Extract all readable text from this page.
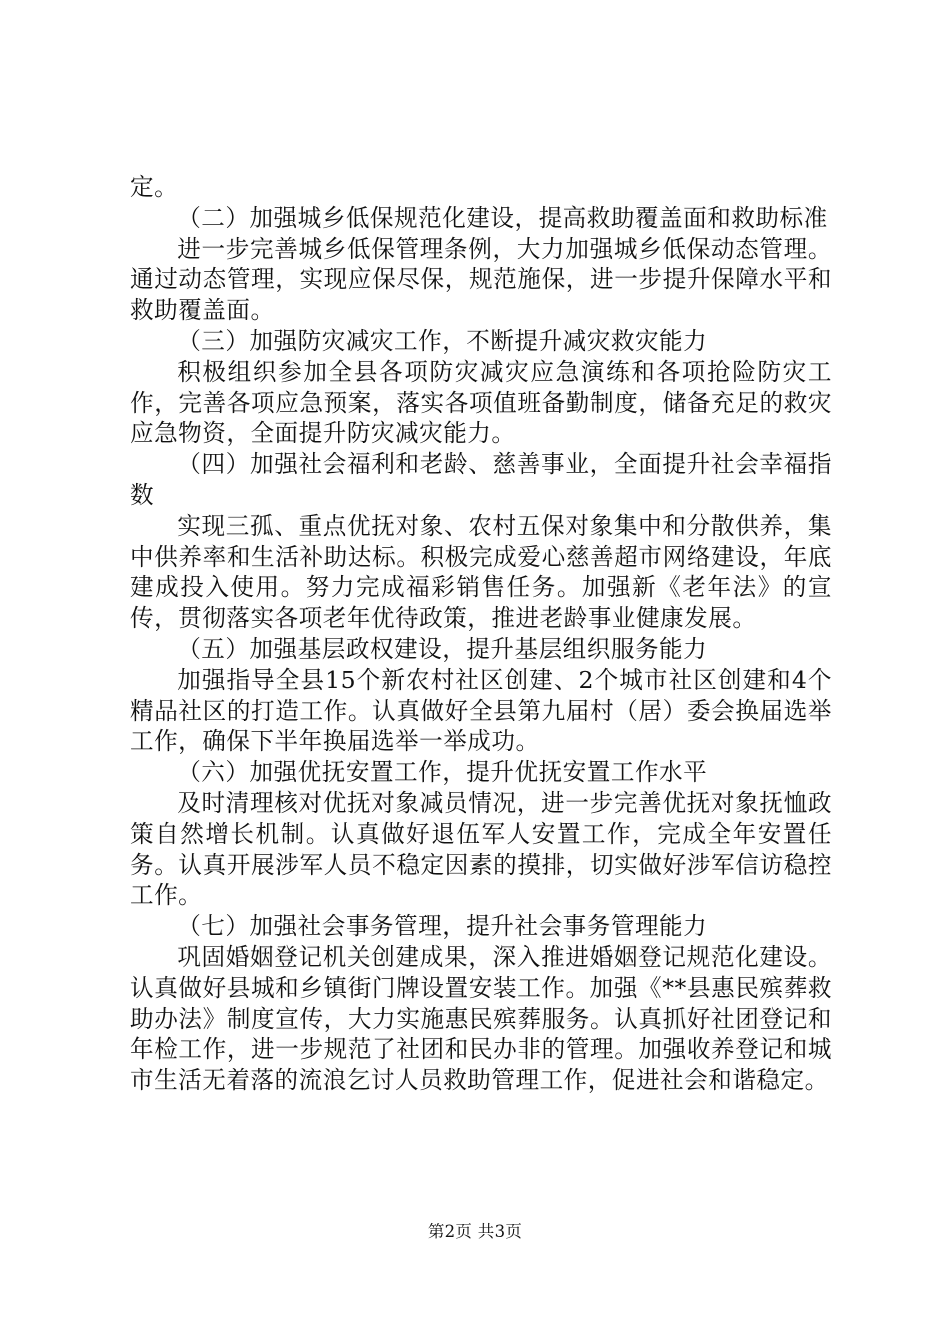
定。

（二）加强城乡低保规范化建设，提高救助覆盖面和救助标准

进一步完善城乡低保管理条例，大力加强城乡低保动态管理。通过动态管理，实现应保尽保，规范施保，进一步提升保障水平和救助覆盖面。

（三）加强防灾减灾工作，不断提升减灾救灾能力

积极组织参加全县各项防灾减灾应急演练和各项抢险防灾工作，完善各项应急预案，落实各项值班备勤制度，储备充足的救灾应急物资，全面提升防灾减灾能力。

（四）加强社会福利和老龄、慈善事业，全面提升社会幸福指数

实现三孤、重点优抚对象、农村五保对象集中和分散供养，集中供养率和生活补助达标。积极完成爱心慈善超市网络建设，年底建成投入使用。努力完成福彩销售任务。加强新《老年法》的宣传，贯彻落实各项老年优待政策，推进老龄事业健康发展。

（五）加强基层政权建设，提升基层组织服务能力

加强指导全县15个新农村社区创建、2个城市社区创建和4个精品社区的打造工作。认真做好全县第九届村（居）委会换届选举工作，确保下半年换届选举一举成功。

（六）加强优抚安置工作，提升优抚安置工作水平

及时清理核对优抚对象减员情况，进一步完善优抚对象抚恤政策自然增长机制。认真做好退伍军人安置工作，完成全年安置任务。认真开展涉军人员不稳定因素的摸排，切实做好涉军信访稳控工作。

（七）加强社会事务管理，提升社会事务管理能力

巩固婚姻登记机关创建成果，深入推进婚姻登记规范化建设。认真做好县城和乡镇街门牌设置安装工作。加强《**县惠民殡葬救助办法》制度宣传，大力实施惠民殡葬服务。认真抓好社团登记和年检工作，进一步规范了社团和民办非的管理。加强收养登记和城市生活无着落的流浪乞讨人员救助管理工作，促进社会和谐稳定。

第2页 共3页
